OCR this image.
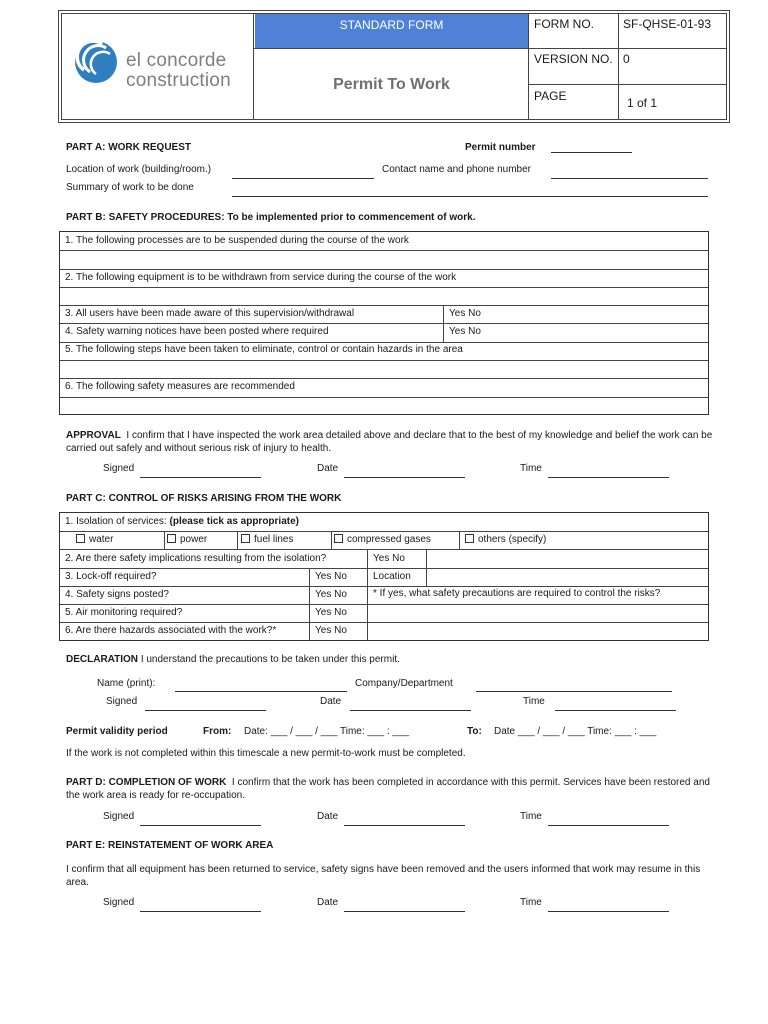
el concorde
construction
STANDARD FORM
Permit To Work
FORM NO. SF-QHSE-01-93
VERSION NO. 0
PAGE	1 of 1
PART A: WORK REQUEST	Permit number
Location of work (building/room.)	Contact name and phone number
Summary of work to be done
PART B: SAFETY PROCEDURES: To be implemented prior to commencement of work.
1. The following processes are to be suspended during the course of the work
2. The following equipment is to be withdrawn from service during the course of the work
3. All users have been made aware of this supervision/withdrawal	Yes No
4. Safety warning notices have been posted where required	Yes No
5. The following steps have been taken to eliminate, control or contain hazards in the area
6. The following safety measures are recommended
APPROVAL I confirm that I have inspected the work area detailed above and declare that to the best of my knowledge and belief the work can be carried out safely and without serious risk of injury to health.
Signed	Date	Time
PART C: CONTROL OF RISKS ARISING FROM THE WORK
1. Isolation of services: (please tick as appropriate)
water	power	fuel lines	compressed gases	others (specify)
2. Are there safety implications resulting from the isolation?	Yes No
3. Lock-off required?	Yes No	Location
4. Safety signs posted?	Yes No	* If yes, what safety precautions are required to control the risks?
5. Air monitoring required?	Yes No
6. Are there hazards associated with the work?*	Yes No
DECLARATION I understand the precautions to be taken under this permit.
Name (print):	Company/Department
Signed	Date	Time
Permit validity period	From: Date: ___ / ___ / ___ Time: ___ : ___	To: Date ___ / ___ / ___ Time: ___ : ___
If the work is not completed within this timescale a new permit-to-work must be completed.
PART D: COMPLETION OF WORK I confirm that the work has been completed in accordance with this permit. Services have been restored and the work area is ready for re-occupation.
Signed	Date	Time
PART E: REINSTATEMENT OF WORK AREA
I confirm that all equipment has been returned to service, safety signs have been removed and the users informed that work may resume in this area.
Signed	Date	Time
